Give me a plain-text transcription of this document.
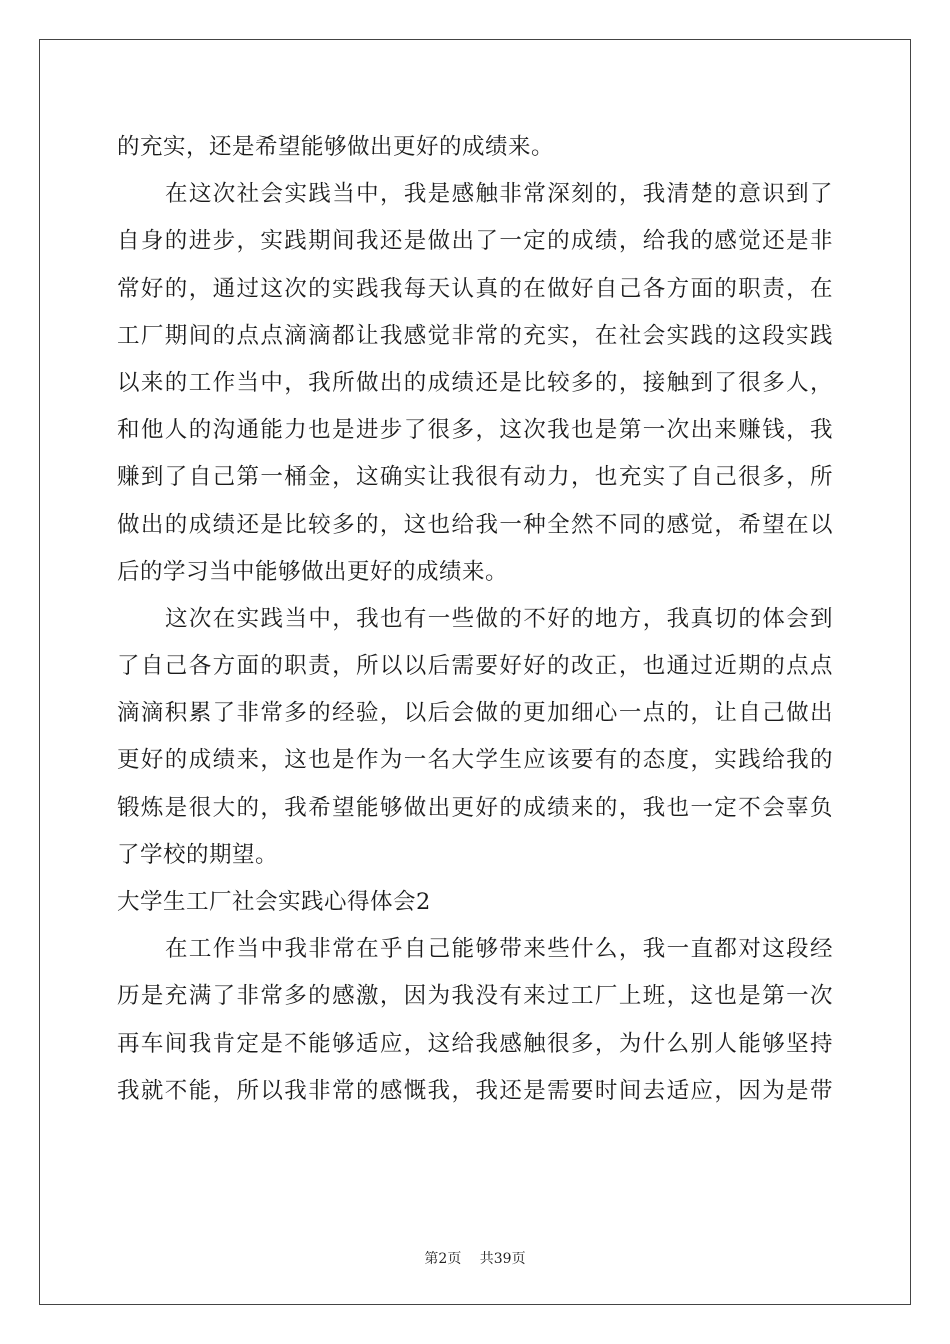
的充实，还是希望能够做出更好的成绩来。
在这次社会实践当中，我是感触非常深刻的，我清楚的意识到了
自身的进步，实践期间我还是做出了一定的成绩，给我的感觉还是非
常好的，通过这次的实践我每天认真的在做好自己各方面的职责，在
工厂期间的点点滴滴都让我感觉非常的充实，在社会实践的这段实践
以来的工作当中，我所做出的成绩还是比较多的，接触到了很多人，
和他人的沟通能力也是进步了很多，这次我也是第一次出来赚钱，我
赚到了自己第一桶金，这确实让我很有动力，也充实了自己很多，所
做出的成绩还是比较多的，这也给我一种全然不同的感觉，希望在以
后的学习当中能够做出更好的成绩来。
这次在实践当中，我也有一些做的不好的地方，我真切的体会到
了自己各方面的职责，所以以后需要好好的改正，也通过近期的点点
滴滴积累了非常多的经验，以后会做的更加细心一点的，让自己做出
更好的成绩来，这也是作为一名大学生应该要有的态度，实践给我的
锻炼是很大的，我希望能够做出更好的成绩来的，我也一定不会辜负
了学校的期望。
大学生工厂社会实践心得体会2
在工作当中我非常在乎自己能够带来些什么，我一直都对这段经
历是充满了非常多的感激，因为我没有来过工厂上班，这也是第一次
再车间我肯定是不能够适应，这给我感触很多，为什么别人能够坚持
我就不能，所以我非常的感慨我，我还是需要时间去适应，因为是带
第2页　 共39页
